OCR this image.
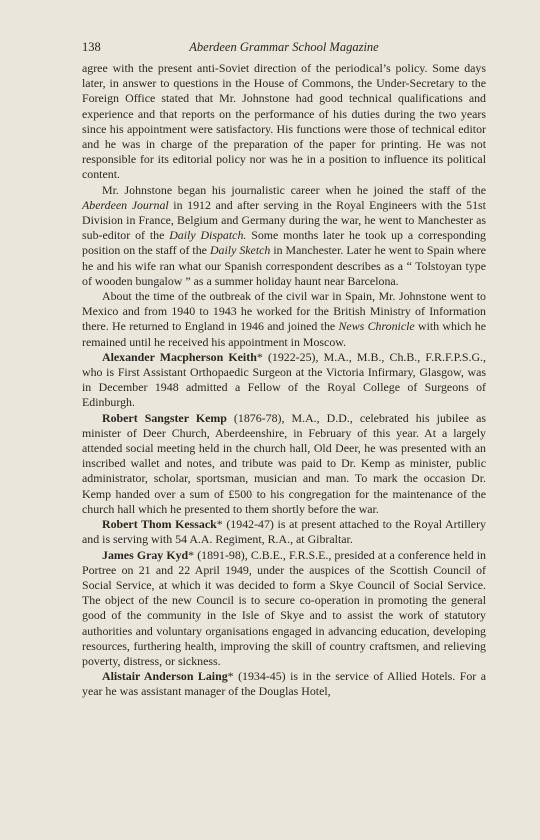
138	Aberdeen Grammar School Magazine

agree with the present anti-Soviet direction of the periodical’s policy. Some days later, in answer to questions in the House of Commons, the Under-Secretary to the Foreign Office stated that Mr. Johnstone had good technical qualifications and experience and that reports on the performance of his duties during the two years since his appointment were satisfactory. His functions were those of technical editor and he was in charge of the preparation of the paper for printing. He was not responsible for its editorial policy nor was he in a position to influence its political content.

Mr. Johnstone began his journalistic career when he joined the staff of the Aberdeen Journal in 1912 and after serving in the Royal Engineers with the 51st Division in France, Belgium and Germany during the war, he went to Manchester as sub-editor of the Daily Dispatch. Some months later he took up a corresponding position on the staff of the Daily Sketch in Manchester. Later he went to Spain where he and his wife ran what our Spanish correspondent describes as a “ Tolstoyan type of wooden bungalow ” as a summer holiday haunt near Barcelona.

About the time of the outbreak of the civil war in Spain, Mr. Johnstone went to Mexico and from 1940 to 1943 he worked for the British Ministry of Information there. He returned to England in 1946 and joined the News Chronicle with which he remained until he received his appointment in Moscow.

Alexander Macpherson Keith* (1922-25), M.A., M.B., Ch.B., F.R.F.P.S.G., who is First Assistant Orthopaedic Surgeon at the Victoria Infirmary, Glasgow, was in December 1948 admitted a Fellow of the Royal College of Surgeons of Edinburgh.

Robert Sangster Kemp (1876-78), M.A., D.D., celebrated his jubilee as minister of Deer Church, Aberdeenshire, in February of this year. At a largely attended social meeting held in the church hall, Old Deer, he was presented with an inscribed wallet and notes, and tribute was paid to Dr. Kemp as minister, public administrator, scholar, sportsman, musician and man. To mark the occasion Dr. Kemp handed over a sum of £500 to his congregation for the maintenance of the church hall which he presented to them shortly before the war.

Robert Thom Kessack* (1942-47) is at present attached to the Royal Artillery and is serving with 54 A.A. Regiment, R.A., at Gibraltar.

James Gray Kyd* (1891-98), C.B.E., F.R.S.E., presided at a conference held in Portree on 21 and 22 April 1949, under the auspices of the Scottish Council of Social Service, at which it was decided to form a Skye Council of Social Service. The object of the new Council is to secure co-operation in promoting the general good of the community in the Isle of Skye and to assist the work of statutory authorities and voluntary organisations engaged in advancing education, developing resources, furthering health, improving the skill of country craftsmen, and relieving poverty, distress, or sickness.

Alistair Anderson Laing* (1934-45) is in the service of Allied Hotels. For a year he was assistant manager of the Douglas Hotel,
